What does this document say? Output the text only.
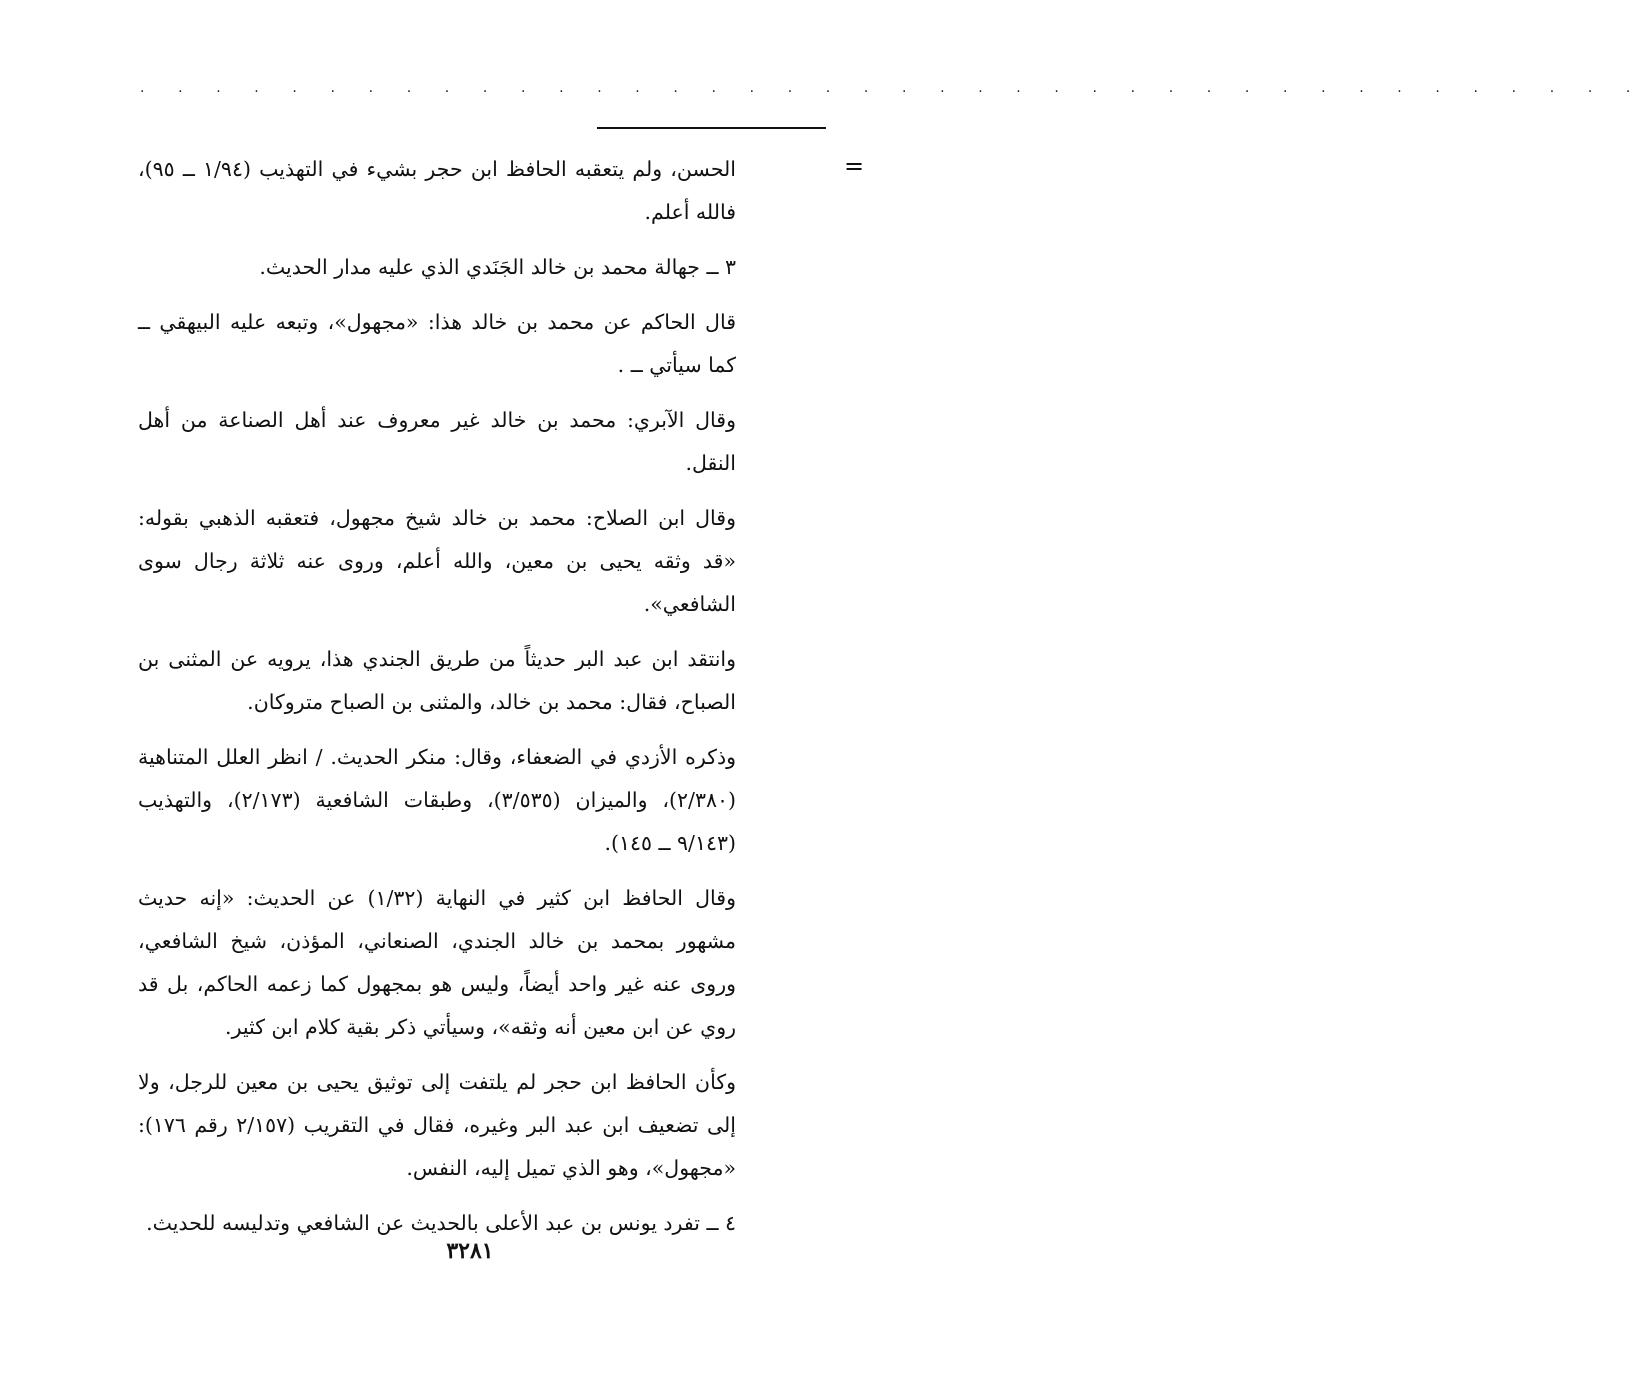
· · · · · · · · · · · · · · · · · · · · · · · · · · · · · · · · · · · · · · · ·
=

الحسن، ولم يتعقبه الحافظ ابن حجر بشيء في التهذيب (١/٩٤ ــ ٩٥)، فالله أعلم.

٣ ــ جهالة محمد بن خالد الجَنَدي الذي عليه مدار الحديث.

قال الحاكم عن محمد بن خالد هذا: «مجهول»، وتبعه عليه البيهقي ــ كما سيأتي ــ .

وقال الآبري: محمد بن خالد غير معروف عند أهل الصناعة من أهل النقل.

وقال ابن الصلاح: محمد بن خالد شيخ مجهول، فتعقبه الذهبي بقوله: «قد وثقه يحيى بن معين، والله أعلم، وروى عنه ثلاثة رجال سوى الشافعي».

وانتقد ابن عبد البر حديثاً من طريق الجندي هذا، يرويه عن المثنى بن الصباح، فقال: محمد بن خالد، والمثنى بن الصباح متروكان.

وذكره الأزدي في الضعفاء، وقال: منكر الحديث. / انظر العلل المتناهية (٢/٣٨٠)، والميزان (٣/٥٣٥)، وطبقات الشافعية (٢/١٧٣)، والتهذيب (٩/١٤٣ ــ ١٤٥).

وقال الحافظ ابن كثير في النهاية (١/٣٢) عن الحديث: «إنه حديث مشهور بمحمد بن خالد الجندي، الصنعاني، المؤذن، شيخ الشافعي، وروى عنه غير واحد أيضاً، وليس هو بمجهول كما زعمه الحاكم، بل قد روي عن ابن معين أنه وثقه»، وسيأتي ذكر بقية كلام ابن كثير.

وكأن الحافظ ابن حجر لم يلتفت إلى توثيق يحيى بن معين للرجل، ولا إلى تضعيف ابن عبد البر وغيره، فقال في التقريب (٢/١٥٧ رقم ١٧٦): «مجهول»، وهو الذي تميل إليه، النفس.

٤ ــ تفرد يونس بن عبد الأعلى بالحديث عن الشافعي وتدليسه للحديث.

٣٢٨١
